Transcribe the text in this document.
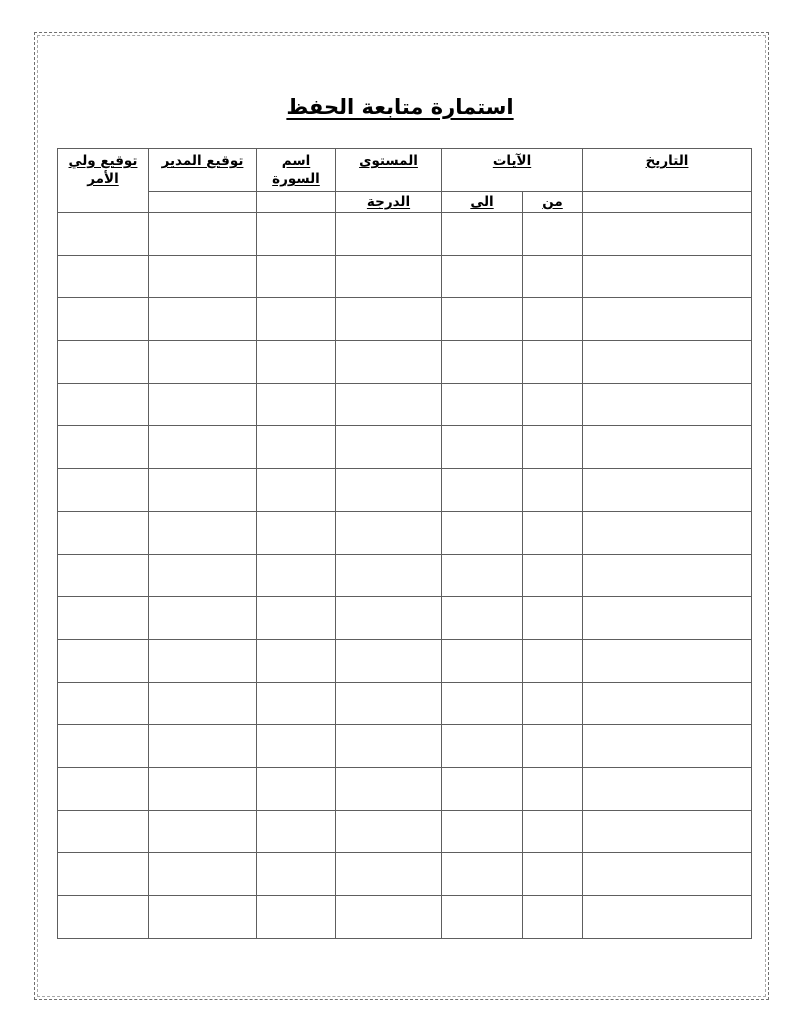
استمارة متابعة الحفظ
التاريخ	الآيات		المستوى	اسم السورة	توقيع المدير	توقيع ولي الأمر
	من	الى	الدرجة			
